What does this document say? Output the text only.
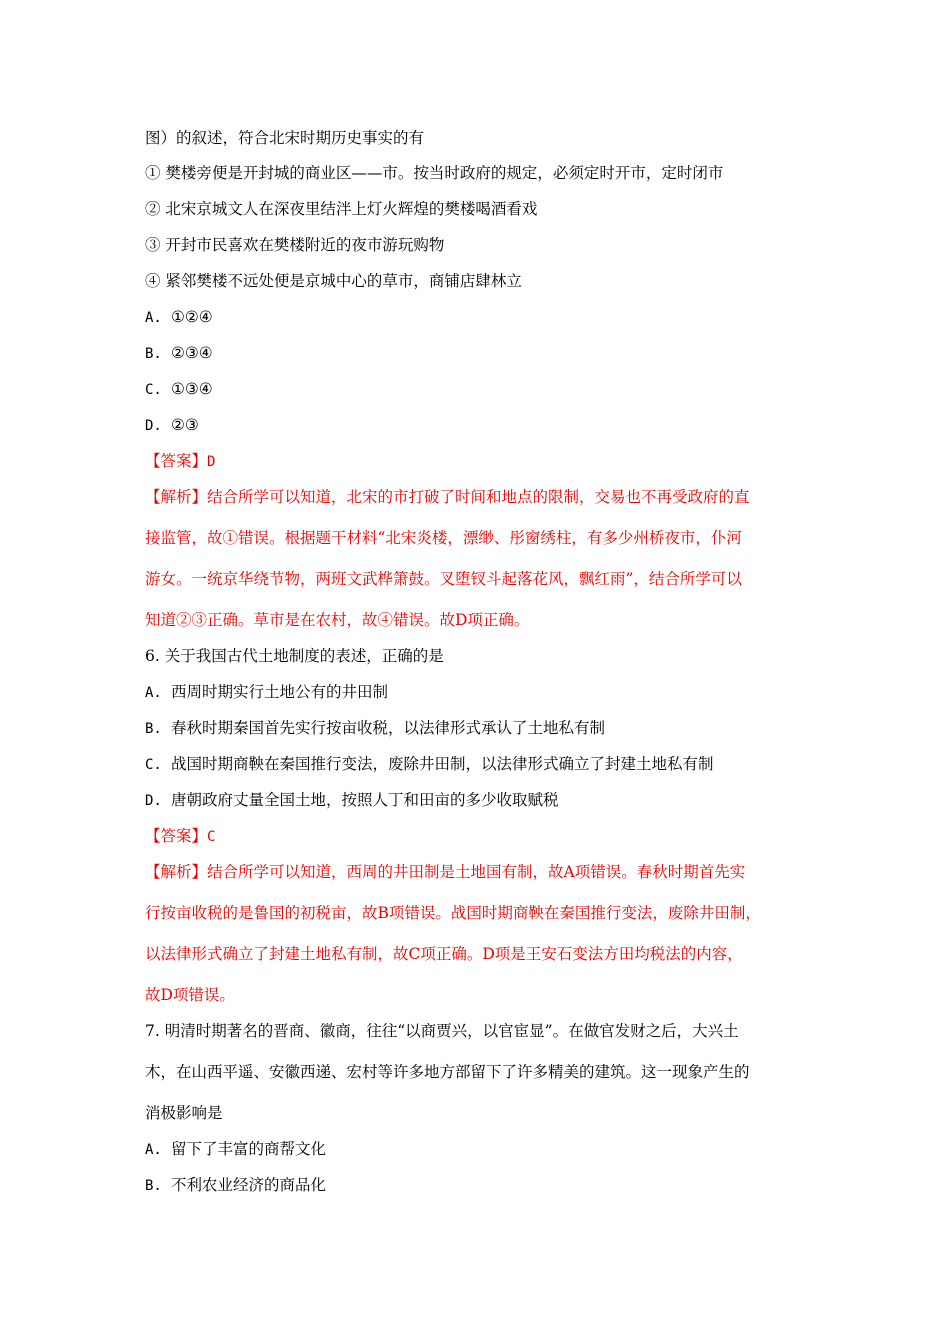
图）的叙述，符合北宋时期历史事实的有
① 樊楼旁便是开封城的商业区——市。按当时政府的规定，必须定时开市，定时闭市
② 北宋京城文人在深夜里结泮上灯火辉煌的樊楼喝酒看戏
③ 开封市民喜欢在樊楼附近的夜市游玩购物
④ 紧邻樊楼不远处便是京城中心的草市，商铺店肆林立
A. ①②④
B. ②③④
C. ①③④
D. ②③
【答案】D
【解析】结合所学可以知道，北宋的市打破了时间和地点的限制，交易也不再受政府的直
接监管，故①错误。根据题干材料“北宋炎楼，漂缈、彤窗绣柱，有多少州桥夜市，仆河
游女。一统京华绕节物，两班文武桦箫鼓。叉堕钗斗起落花风，飘红雨”，结合所学可以
知道②③正确。草市是在农村，故④错误。故D项正确。
6. 关于我国古代土地制度的表述，正确的是
A. 西周时期实行土地公有的井田制
B. 春秋时期秦国首先实行按亩收税，以法律形式承认了土地私有制
C. 战国时期商鞅在秦国推行变法，废除井田制，以法律形式确立了封建土地私有制
D. 唐朝政府丈量全国土地，按照人丁和田亩的多少收取赋税
【答案】C
【解析】结合所学可以知道，西周的井田制是土地国有制，故A项错误。春秋时期首先实
行按亩收税的是鲁国的初税亩，故B项错误。战国时期商鞅在秦国推行变法，废除井田制，
以法律形式确立了封建土地私有制，故C项正确。D项是王安石变法方田均税法的内容，
故D项错误。
7. 明清时期著名的晋商、徽商，往往“以商贾兴，以官宦显”。在做官发财之后，大兴土
木，在山西平遥、安徽西递、宏村等许多地方部留下了许多精美的建筑。这一现象产生的
消极影响是
A. 留下了丰富的商帮文化
B. 不利农业经济的商品化
